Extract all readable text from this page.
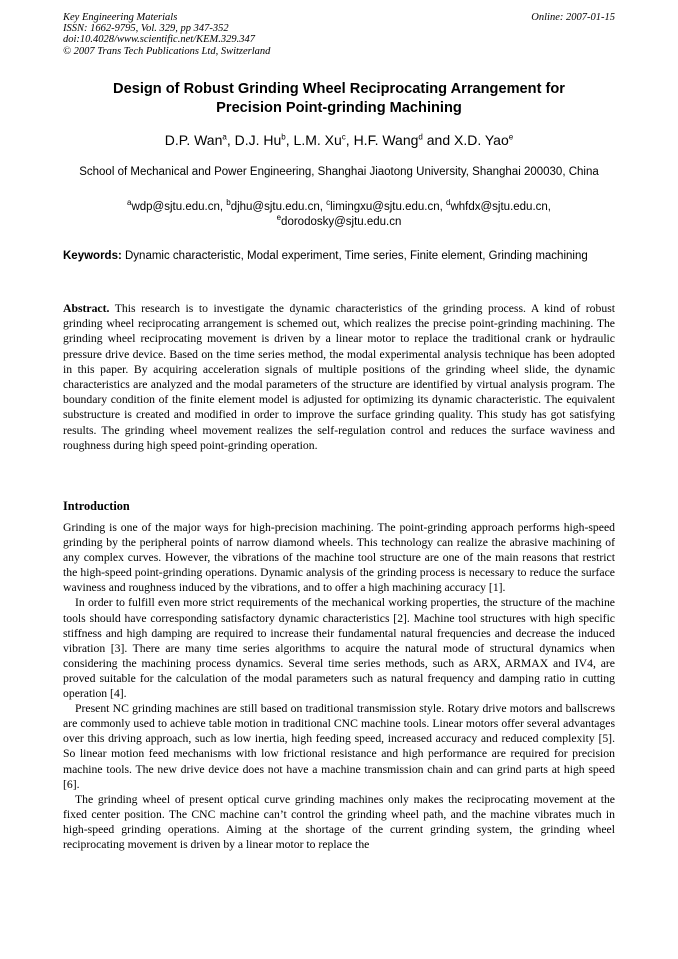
Key Engineering Materials
ISSN: 1662-9795, Vol. 329, pp 347-352
doi:10.4028/www.scientific.net/KEM.329.347
© 2007 Trans Tech Publications Ltd, Switzerland
Online: 2007-01-15
Design of Robust Grinding Wheel Reciprocating Arrangement for
Precision Point-grinding Machining
D.P. Wan$^a$, D.J. Hu$^b$, L.M. Xu$^c$, H.F. Wang$^d$ and X.D. Yao$^e$
School of Mechanical and Power Engineering, Shanghai Jiaotong University, Shanghai 200030, China
$^a$wdp@sjtu.edu.cn, $^b$djhu@sjtu.edu.cn, $^c$limingxu@sjtu.edu.cn, $^d$whfdx@sjtu.edu.cn,
$^e$dorodosky@sjtu.edu.cn
Keywords: Dynamic characteristic, Modal experiment, Time series, Finite element, Grinding machining

Abstract. This research is to investigate the dynamic characteristics of the grinding process. A kind of robust grinding wheel reciprocating arrangement is schemed out, which realizes the precise point-grinding machining. The grinding wheel reciprocating movement is driven by a linear motor to replace the traditional crank or hydraulic pressure drive device. Based on the time series method, the modal experimental analysis technique has been adopted in this paper. By acquiring acceleration signals of multiple positions of the grinding wheel slide, the dynamic characteristics are analyzed and the modal parameters of the structure are identified by virtual analysis program. The boundary condition of the finite element model is adjusted for optimizing its dynamic characteristic. The equivalent substructure is created and modified in order to improve the surface grinding quality. This study has got satisfying results. The grinding wheel movement realizes the self-regulation control and reduces the surface waviness and roughness during high speed point-grinding operation.

Introduction

Grinding is one of the major ways for high-precision machining. The point-grinding approach performs high-speed grinding by the peripheral points of narrow diamond wheels. This technology can realize the abrasive machining of any complex curves. However, the vibrations of the machine tool structure are one of the main reasons that restrict the high-speed point-grinding operations. Dynamic analysis of the grinding process is necessary to reduce the surface waviness and roughness induced by the vibrations, and to offer a high machining accuracy [1].

In order to fulfill even more strict requirements of the mechanical working properties, the structure of the machine tools should have corresponding satisfactory dynamic characteristics [2]. Machine tool structures with high specific stiffness and high damping are required to increase their fundamental natural frequencies and decrease the induced vibration [3]. There are many time series algorithms to acquire the natural mode of structural dynamics when considering the machining process dynamics. Several time series methods, such as ARX, ARMAX and IV4, are proved suitable for the calculation of the modal parameters such as natural frequency and damping ratio in cutting operation [4].

Present NC grinding machines are still based on traditional transmission style. Rotary drive motors and ballscrews are commonly used to achieve table motion in traditional CNC machine tools. Linear motors offer several advantages over this driving approach, such as low inertia, high feeding speed, increased accuracy and reduced complexity [5]. So linear motion feed mechanisms with low frictional resistance and high performance are required for precision machine tools. The new drive device does not have a machine transmission chain and can grind parts at high speed [6].

The grinding wheel of present optical curve grinding machines only makes the reciprocating movement at the fixed center position. The CNC machine can’t control the grinding wheel path, and the machine vibrates much in high-speed grinding operations. Aiming at the shortage of the current grinding system, the grinding wheel reciprocating movement is driven by a linear motor to replace the
